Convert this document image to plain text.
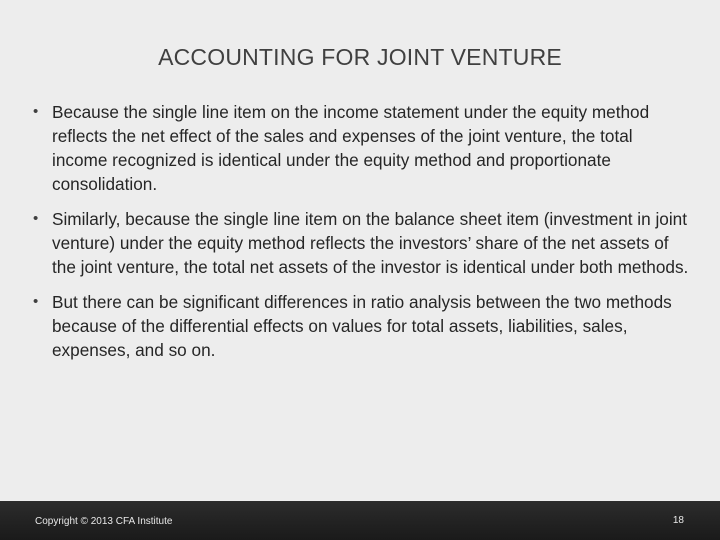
ACCOUNTING FOR JOINT VENTURE
• Because the single line item on the income statement under the equity method reflects the net effect of the sales and expenses of the joint venture, the total income recognized is identical under the equity method and proportionate consolidation.
• Similarly, because the single line item on the balance sheet item (investment in joint venture) under the equity method reflects the investors’ share of the net assets of the joint venture, the total net assets of the investor is identical under both methods.
• But there can be significant differences in ratio analysis between the two methods because of the differential effects on values for total assets, liabilities, sales, expenses, and so on.
Copyright © 2013 CFA Institute	18
